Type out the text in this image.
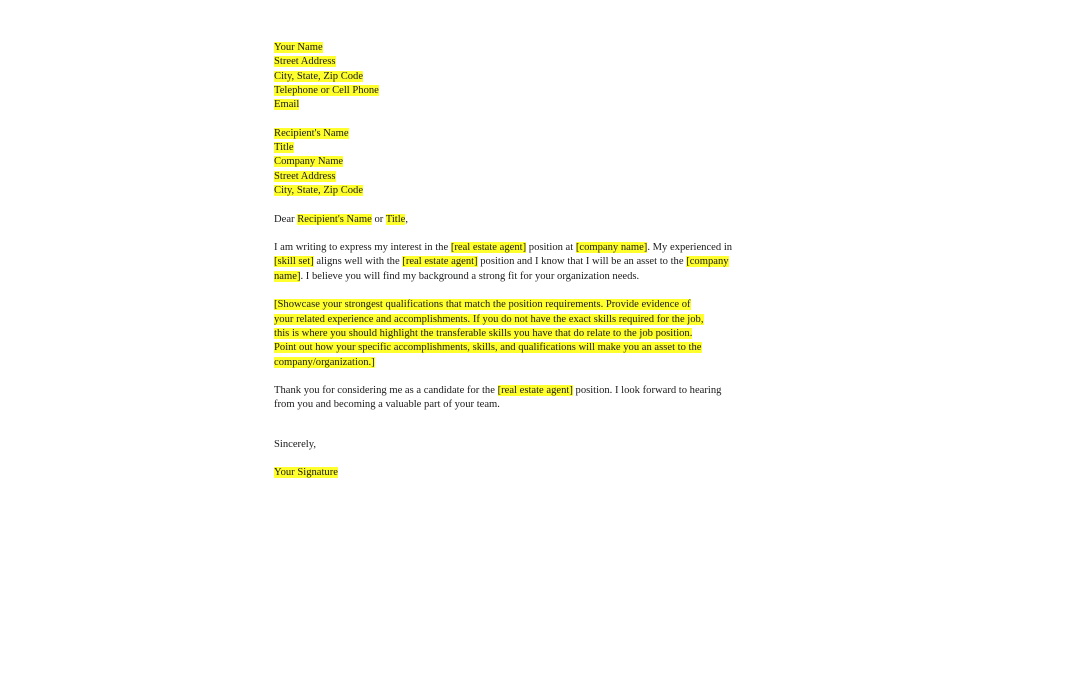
Your Name
Street Address
City, State, Zip Code
Telephone or Cell Phone
Email
Recipient's Name
Title
Company Name
Street Address
City, State, Zip Code

Dear Recipient's Name or Title,

I am writing to express my interest in the [real estate agent] position at [company name]. My experienced in [skill set] aligns well with the [real estate agent] position and I know that I will be an asset to the [company name]. I believe you will find my background a strong fit for your organization needs.

[Showcase your strongest qualifications that match the position requirements. Provide evidence of
your related experience and accomplishments. If you do not have the exact skills required for the job,
this is where you should highlight the transferable skills you have that do relate to the job position.
Point out how your specific accomplishments, skills, and qualifications will make you an asset to the
company/organization.]

Thank you for considering me as a candidate for the [real estate agent] position. I look forward to hearing from you and becoming a valuable part of your team.

Sincerely,

Your Signature
